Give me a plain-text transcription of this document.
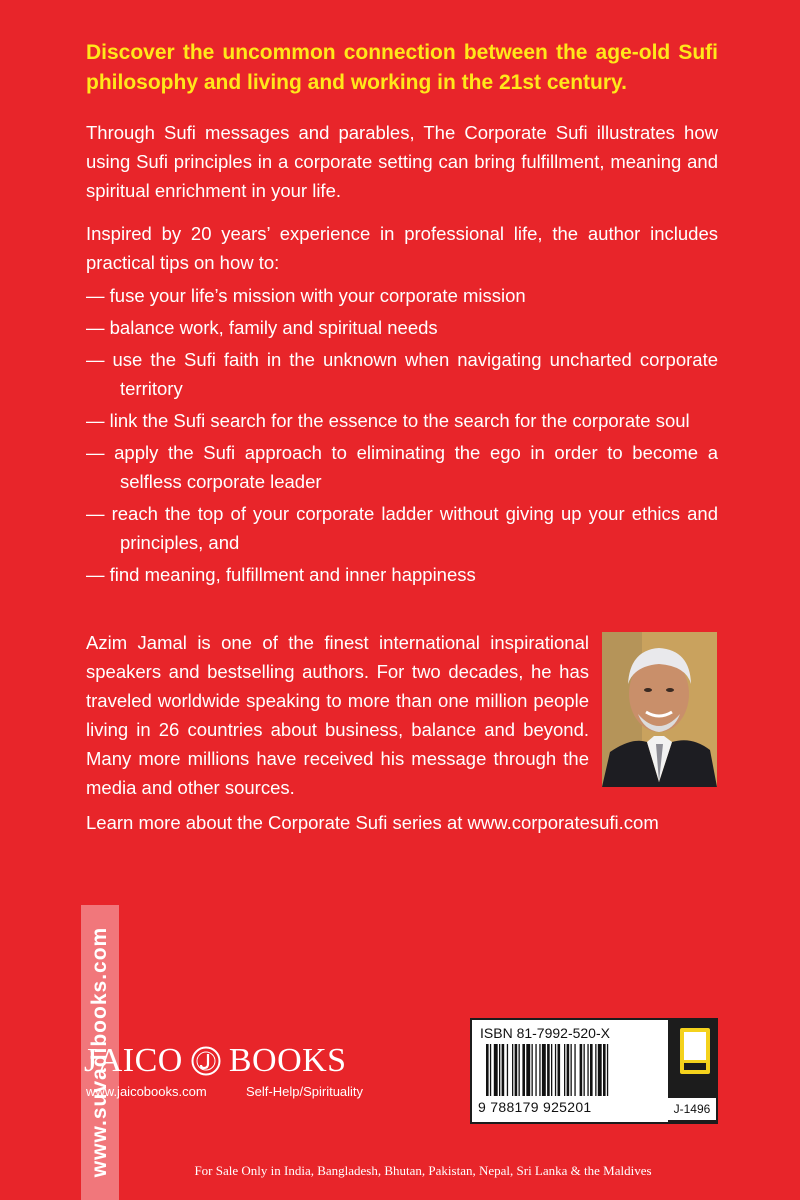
Discover the uncommon connection between the age-old Sufi philosophy and living and working in the 21st century.

Through Sufi messages and parables, The Corporate Sufi illustrates how using Sufi principles in a corporate setting can bring fulfillment, meaning and spiritual enrichment in your life.

Inspired by 20 years’ experience in professional life, the author includes practical tips on how to:

— fuse your life’s mission with your corporate mission
— balance work, family and spiritual needs
— use the Sufi faith in the unknown when navigating uncharted corporate territory
— link the Sufi search for the essence to the search for the corporate soul
— apply the Sufi approach to eliminating the ego in order to become a selfless corporate leader
— reach the top of your corporate ladder without giving up your ethics and principles, and
— find meaning, fulfillment and inner happiness

Azim Jamal is one of the finest international inspirational speakers and bestselling authors. For two decades, he has traveled worldwide speaking to more than one million people living in 26 countries about business, balance and beyond. Many more millions have received his message through the media and other sources.

Learn more about the Corporate Sufi series at www.corporatesufi.com

www.suvadibooks.com
JAICO BOOKS
www.jaicobooks.com	Self-Help/Spirituality
ISBN 81-7992-520-X
9 788179 925201	J-1496
For Sale Only in India, Bangladesh, Bhutan, Pakistan, Nepal, Sri Lanka & the Maldives
